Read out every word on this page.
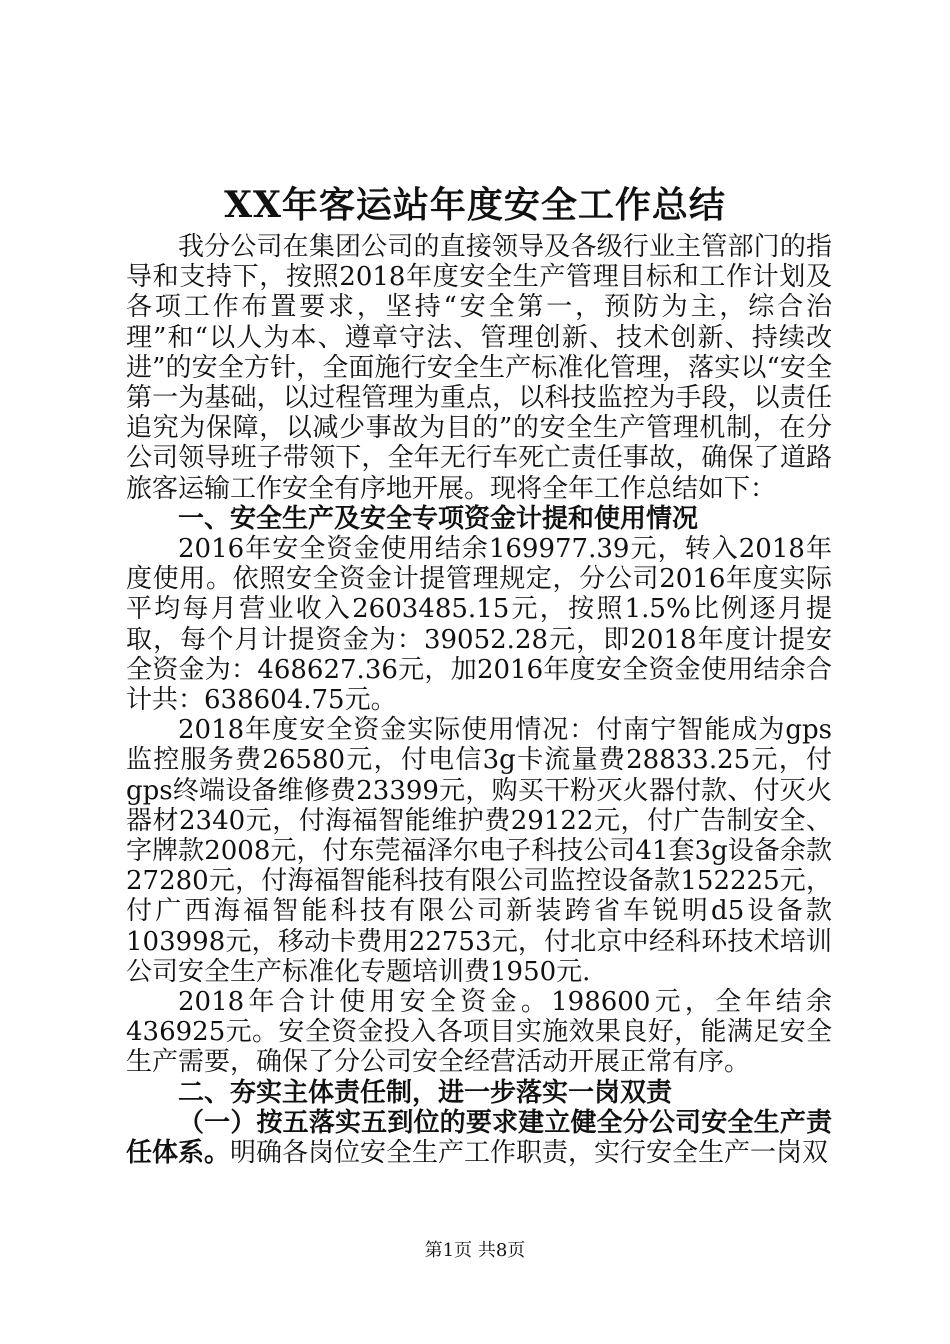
XX年客运站年度安全工作总结

我分公司在集团公司的直接领导及各级行业主管部门的指导和支持下，按照2018年度安全生产管理目标和工作计划及各项工作布置要求，坚持“安全第一，预防为主，综合治理”和“以人为本、遵章守法、管理创新、技术创新、持续改进”的安全方针，全面施行安全生产标准化管理，落实以“安全第一为基础，以过程管理为重点，以科技监控为手段，以责任追究为保障，以减少事故为目的”的安全生产管理机制，在分公司领导班子带领下，全年无行车死亡责任事故，确保了道路旅客运输工作安全有序地开展。现将全年工作总结如下：

一、安全生产及安全专项资金计提和使用情况

2016年安全资金使用结余169977.39元，转入2018年度使用。依照安全资金计提管理规定，分公司2016年度实际平均每月营业收入2603485.15元，按照1.5%比例逐月提取，每个月计提资金为：39052.28元，即2018年度计提安全资金为：468627.36元，加2016年度安全资金使用结余合计共：638604.75元。

2018年度安全资金实际使用情况：付南宁智能成为gps监控服务费26580元，付电信3g卡流量费28833.25元，付gps终端设备维修费23399元，购买干粉灭火器付款、付灭火器材2340元，付海福智能维护费29122元，付广告制安全、字牌款2008元，付东莞福泽尔电子科技公司41套3g设备余款27280元，付海福智能科技有限公司监控设备款152225元，付广西海福智能科技有限公司新装跨省车锐明d5设备款103998元，移动卡费用22753元，付北京中经科环技术培训公司安全生产标准化专题培训费1950元.

2018年合计使用安全资金。198600元，全年结余436925元。安全资金投入各项目实施效果良好，能满足安全生产需要，确保了分公司安全经营活动开展正常有序。

二、夯实主体责任制，进一步落实一岗双责

（一）按五落实五到位的要求建立健全分公司安全生产责任体系。明确各岗位安全生产工作职责，实行安全生产一岗双

第1页 共8页
